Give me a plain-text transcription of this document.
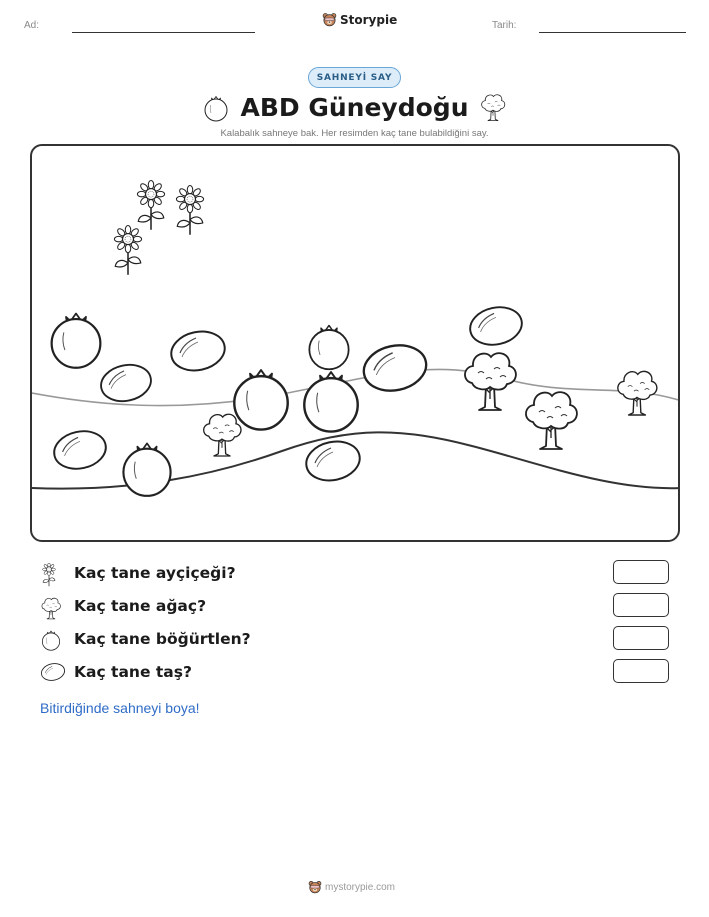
Ad:	Storypie	Tarih:
SAHNEYİ SAY
ABD Güneydoğu
Kalabalık sahneye bak. Her resimden kaç tane bulabildiğini say.
Kaç tane ayçiçeği?
Kaç tane ağaç?
Kaç tane böğürtlen?
Kaç tane taş?
Bitirdiğinde sahneyi boya!
mystorypie.com
